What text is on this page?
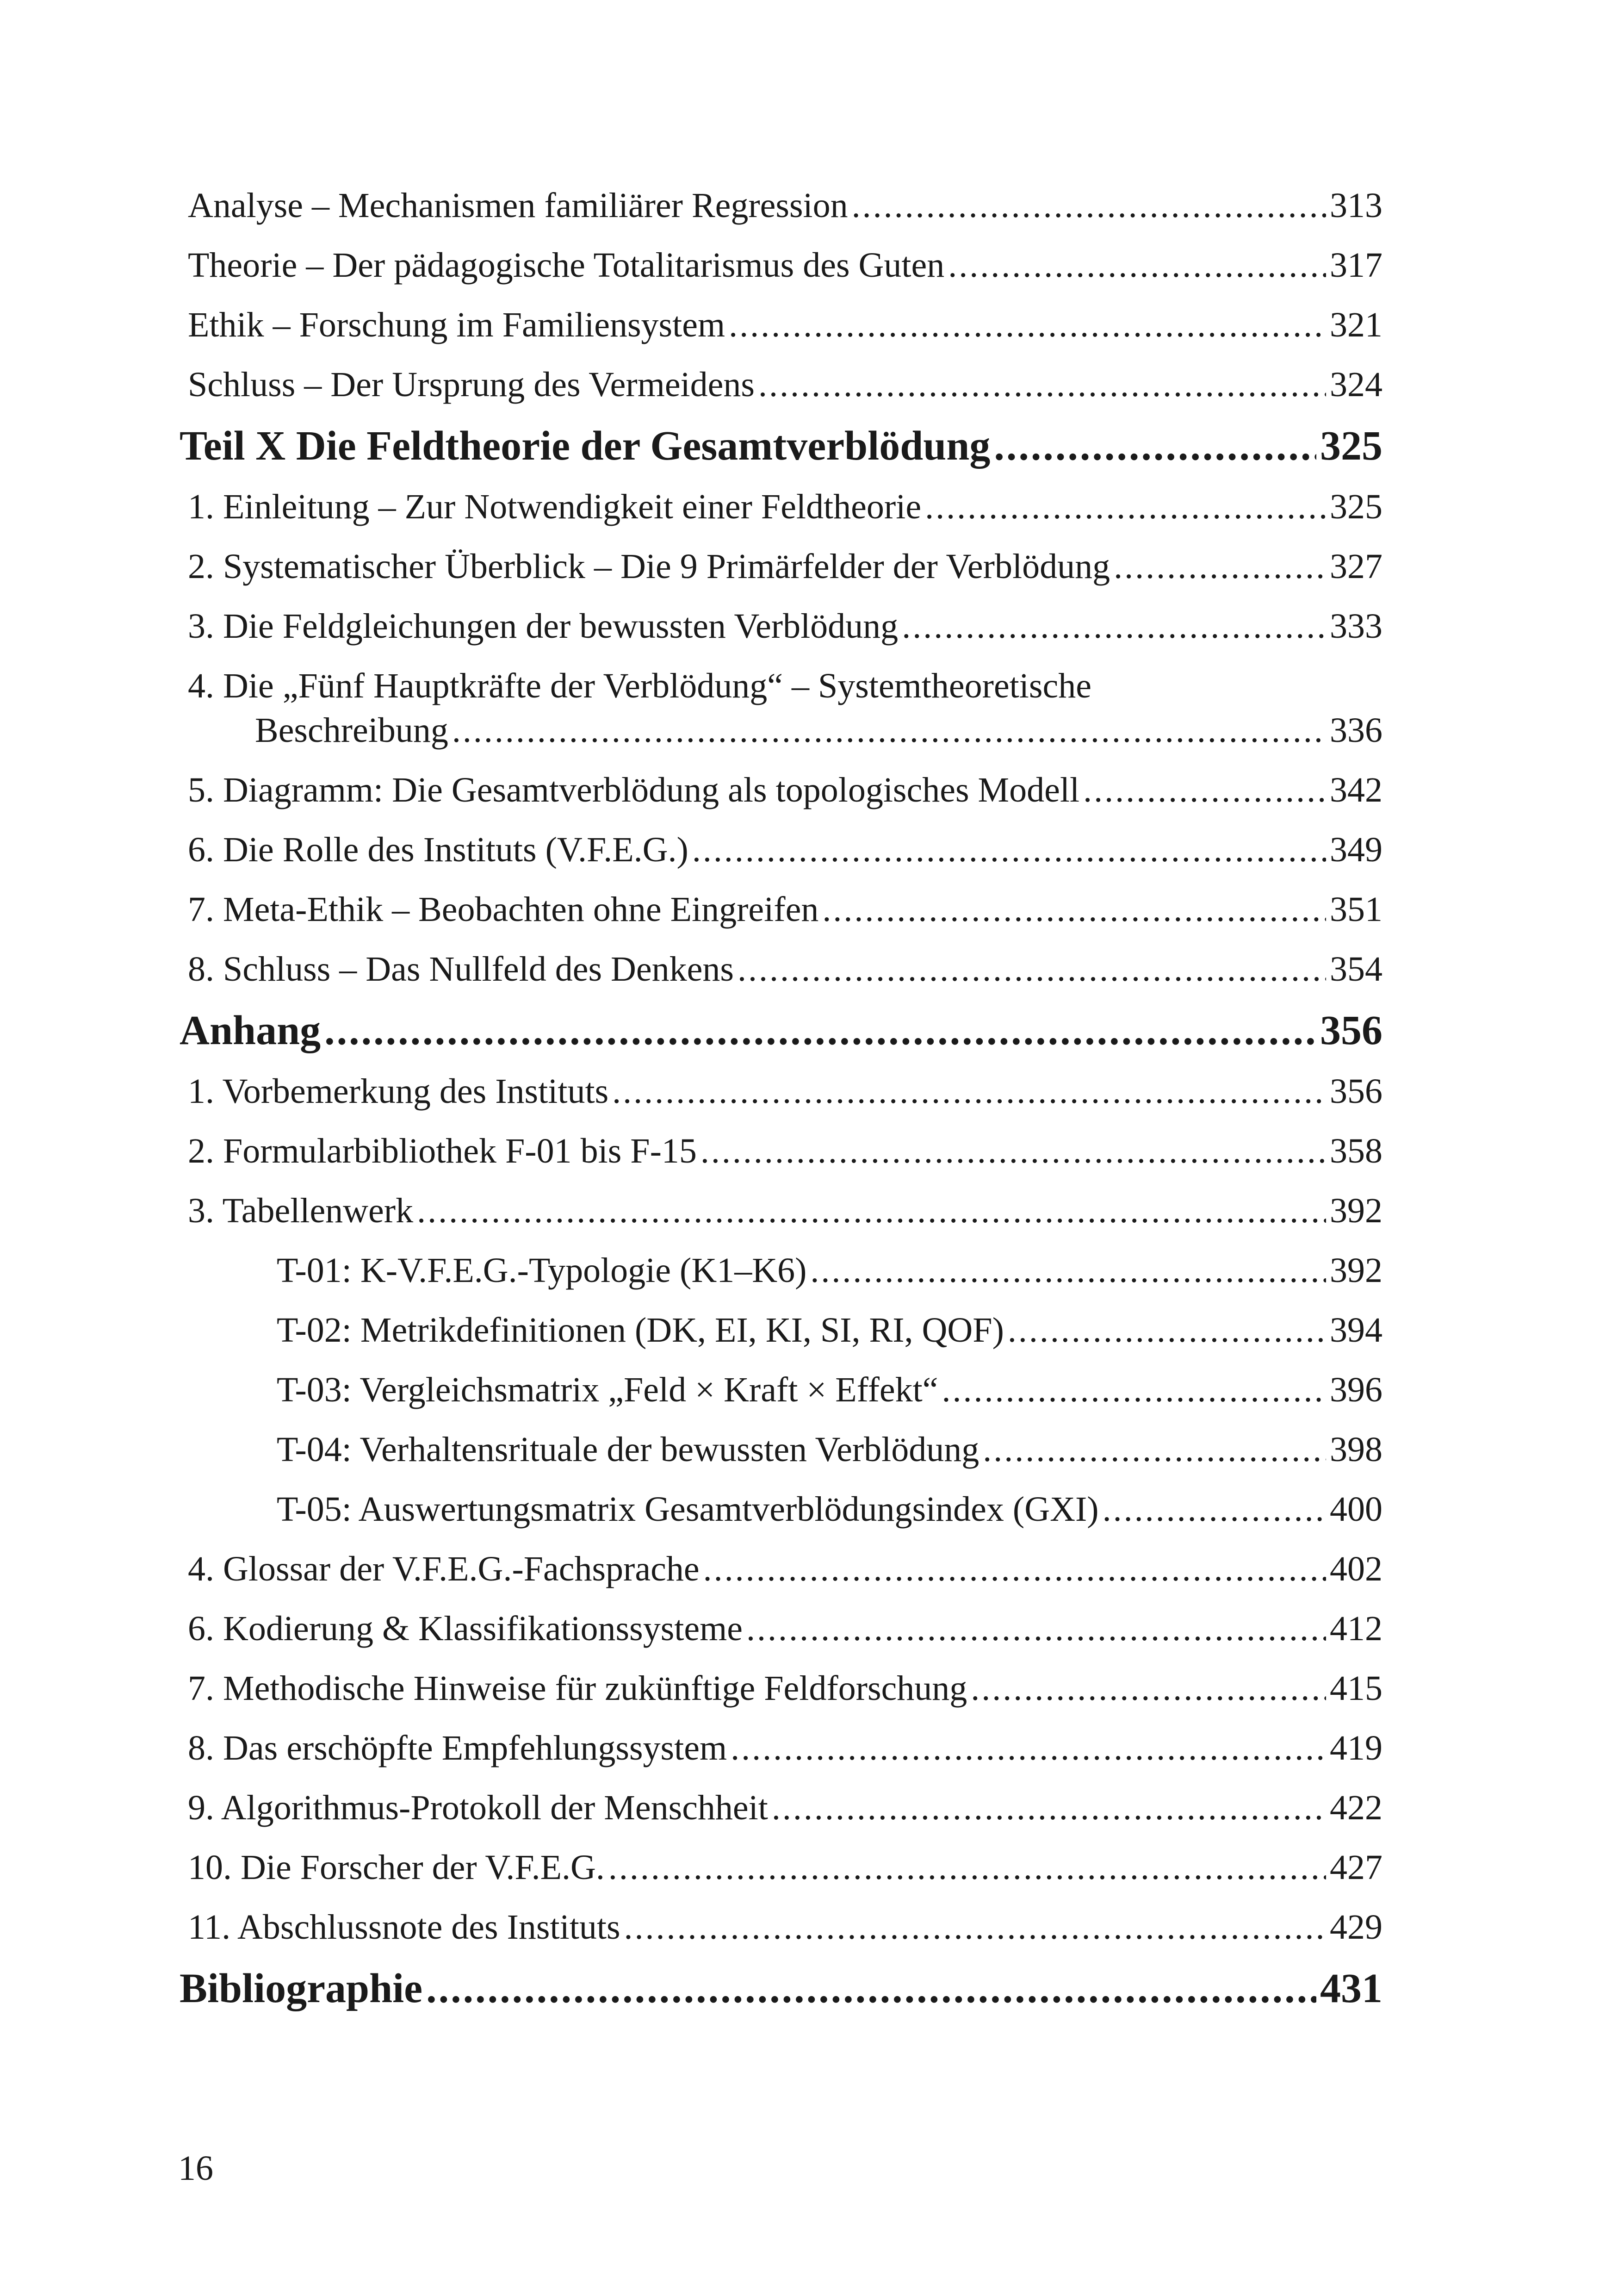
Analyse – Mechanismen familiärer Regression .....	313
Theorie – Der pädagogische Totalitarismus des Guten .....	317
Ethik – Forschung im Familiensystem .....	321
Schluss – Der Ursprung des Vermeidens .....	324
Teil X Die Feldtheorie der Gesamtverblödung .....	325
1. Einleitung – Zur Notwendigkeit einer Feldtheorie .....	325
2. Systematischer Überblick – Die 9 Primärfelder der Verblödung .....	327
3. Die Feldgleichungen der bewussten Verblödung .....	333
4. Die „Fünf Hauptkräfte der Verblödung“ – Systemtheoretische
Beschreibung .....	336
5. Diagramm: Die Gesamtverblödung als topologisches Modell .....	342
6. Die Rolle des Instituts (V.F.E.G.) .....	349
7. Meta-Ethik – Beobachten ohne Eingreifen .....	351
8. Schluss – Das Nullfeld des Denkens .....	354
Anhang .....	356
1. Vorbemerkung des Instituts .....	356
2. Formularbibliothek F-01 bis F-15 .....	358
3. Tabellenwerk .....	392
T-01: K-V.F.E.G.-Typologie (K1–K6) .....	392
T-02: Metrikdefinitionen (DK, EI, KI, SI, RI, QOF) .....	394
T-03: Vergleichsmatrix „Feld × Kraft × Effekt“ .....	396
T-04: Verhaltensrituale der bewussten Verblödung .....	398
T-05: Auswertungsmatrix Gesamtverblödungsindex (GXI) .....	400
4. Glossar der V.F.E.G.-Fachsprache .....	402
6. Kodierung & Klassifikationssysteme .....	412
7. Methodische Hinweise für zukünftige Feldforschung .....	415
8. Das erschöpfte Empfehlungssystem .....	419
9. Algorithmus-Protokoll der Menschheit .....	422
10. Die Forscher der V.F.E.G. .....	427
11. Abschlussnote des Instituts .....	429
Bibliographie .....	431
16
